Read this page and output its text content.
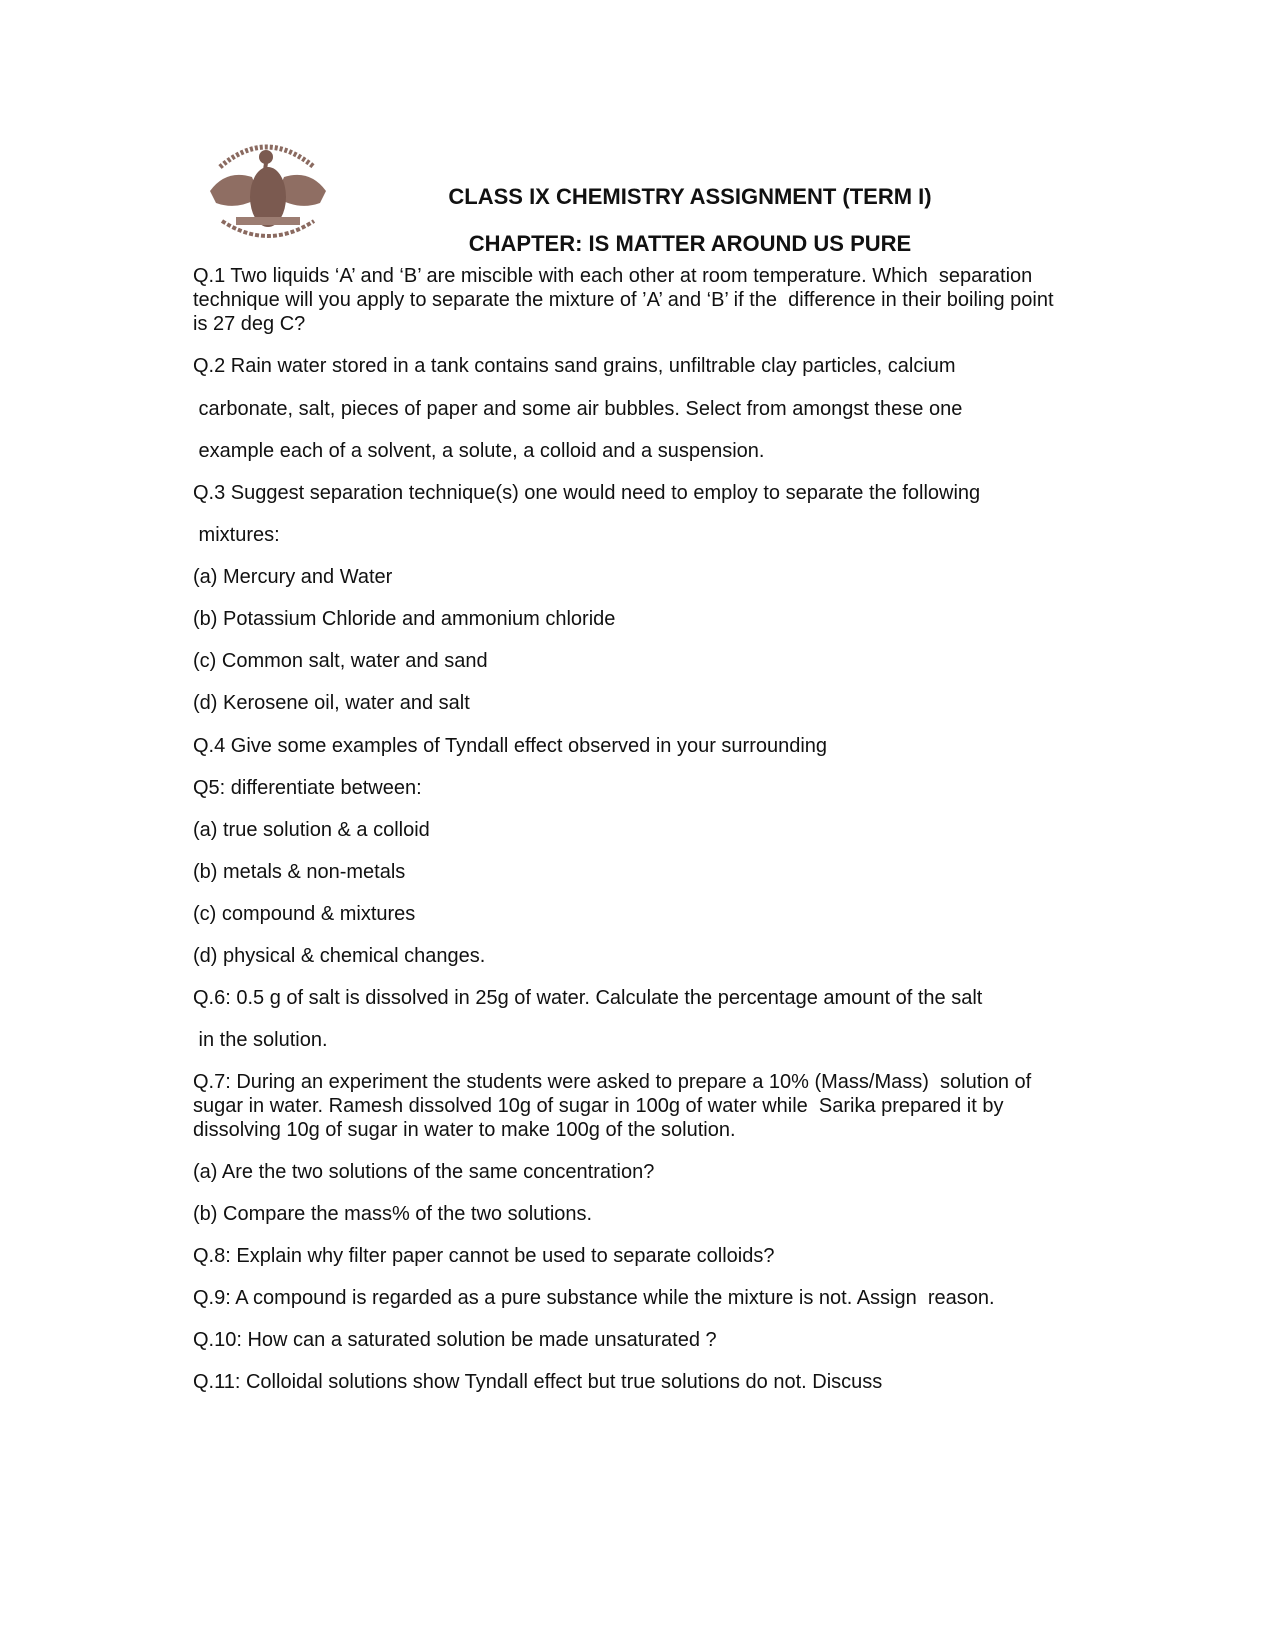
CLASS IX CHEMISTRY ASSIGNMENT (TERM I)
CHAPTER: IS MATTER AROUND US PURE

Q.1 Two liquids ‘A’ and ‘B’ are miscible with each other at room temperature. Which  separation

technique will you apply to separate the mixture of ’A’ and ‘B’ if the  difference in their boiling point

is 27 deg C?

Q.2 Rain water stored in a tank contains sand grains, unfiltrable clay particles, calcium

carbonate, salt, pieces of paper and some air bubbles. Select from amongst these one

example each of a solvent, a solute, a colloid and a suspension.

Q.3 Suggest separation technique(s) one would need to employ to separate the following

mixtures:

(a) Mercury and Water

(b) Potassium Chloride and ammonium chloride

(c) Common salt, water and sand

(d) Kerosene oil, water and salt

Q.4 Give some examples of Tyndall effect observed in your surrounding

Q5: differentiate between:

(a) true solution & a colloid

(b) metals & non-metals

(c) compound & mixtures

(d) physical & chemical changes.

Q.6: 0.5 g of salt is dissolved in 25g of water. Calculate the percentage amount of the salt

in the solution.

Q.7: During an experiment the students were asked to prepare a 10% (Mass/Mass)  solution of

sugar in water. Ramesh dissolved 10g of sugar in 100g of water while  Sarika prepared it by

dissolving 10g of sugar in water to make 100g of the solution.

(a) Are the two solutions of the same concentration?

(b) Compare the mass% of the two solutions.

Q.8: Explain why filter paper cannot be used to separate colloids?

Q.9: A compound is regarded as a pure substance while the mixture is not. Assign  reason.

Q.10: How can a saturated solution be made unsaturated ?

Q.11: Colloidal solutions show Tyndall effect but true solutions do not. Discuss
